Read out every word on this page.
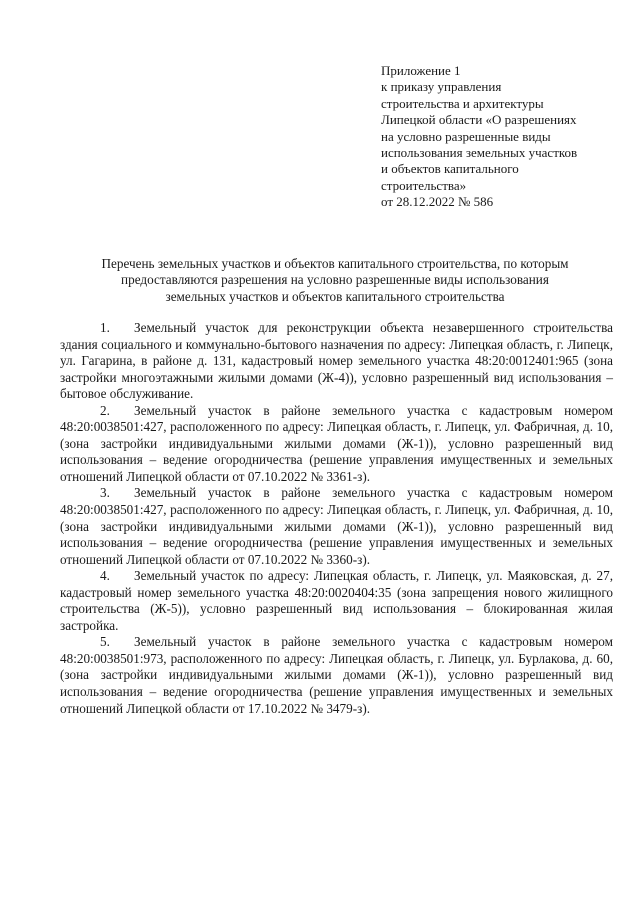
Приложение 1
к приказу управления
строительства и архитектуры
Липецкой области «О разрешениях
на условно разрешенные виды
использования земельных участков
и объектов капитального
строительства»
от 28.12.2022 № 586
Перечень земельных участков и объектов капитального строительства, по которым
предоставляются разрешения на условно разрешенные виды использования
земельных участков и объектов капитального строительства

1. Земельный участок для реконструкции объекта незавершенного строительства здания социального и коммунально-бытового назначения по адресу: Липецкая область, г. Липецк, ул. Гагарина, в районе д. 131, кадастровый номер земельного участка 48:20:0012401:965 (зона застройки многоэтажными жилыми домами (Ж-4)), условно разрешенный вид использования – бытовое обслуживание.

2. Земельный участок в районе земельного участка с кадастровым номером 48:20:0038501:427, расположенного по адресу: Липецкая область, г. Липецк, ул. Фабричная, д. 10, (зона застройки индивидуальными жилыми домами (Ж-1)), условно разрешенный вид использования – ведение огородничества (решение управления имущественных и земельных отношений Липецкой области от 07.10.2022 № 3361-з).

3. Земельный участок в районе земельного участка с кадастровым номером 48:20:0038501:427, расположенного по адресу: Липецкая область, г. Липецк, ул. Фабричная, д. 10, (зона застройки индивидуальными жилыми домами (Ж-1)), условно разрешенный вид использования – ведение огородничества (решение управления имущественных и земельных отношений Липецкой области от 07.10.2022 № 3360-з).

4. Земельный участок по адресу: Липецкая область, г. Липецк, ул. Маяковская, д. 27, кадастровый номер земельного участка 48:20:0020404:35 (зона запрещения нового жилищного строительства (Ж-5)), условно разрешенный вид использования – блокированная жилая застройка.

5. Земельный участок в районе земельного участка с кадастровым номером 48:20:0038501:973, расположенного по адресу: Липецкая область, г. Липецк, ул. Бурлакова, д. 60, (зона застройки индивидуальными жилыми домами (Ж-1)), условно разрешенный вид использования – ведение огородничества (решение управления имущественных и земельных отношений Липецкой области от 17.10.2022 № 3479-з).
